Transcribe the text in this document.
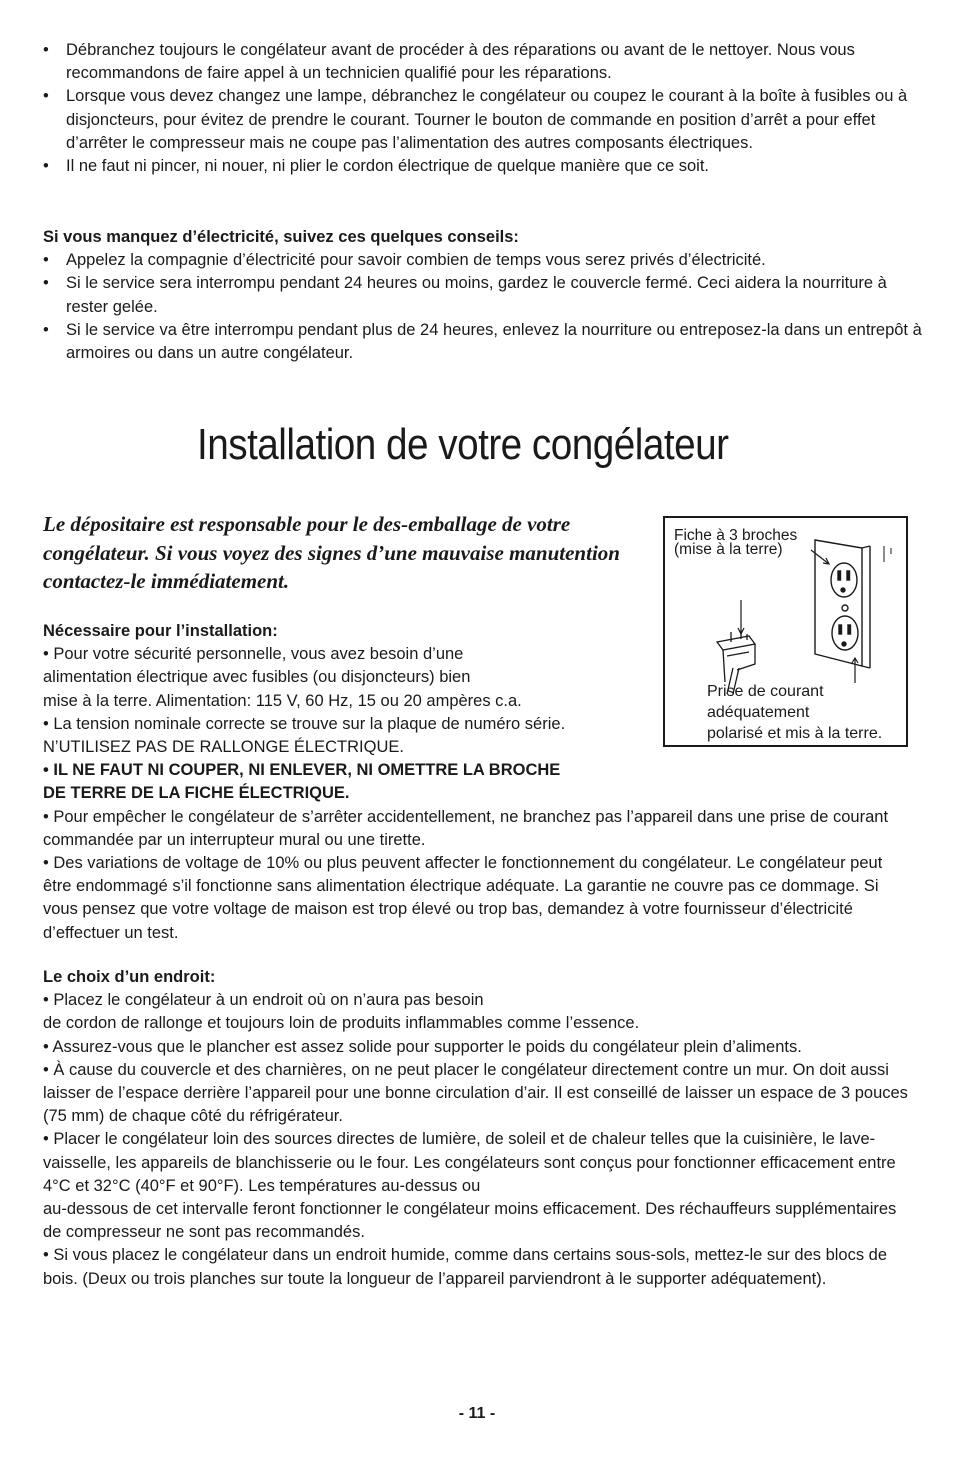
• Débranchez toujours le congélateur avant de procéder à des réparations ou avant de le nettoyer. Nous vous recommandons de faire appel à un technicien qualifié pour les réparations.
• Lorsque vous devez changez une lampe, débranchez le congélateur ou coupez le courant à la boîte à fusibles ou à disjoncteurs, pour évitez de prendre le courant. Tourner le bouton de commande en position d’arrêt a pour effet d’arrêter le compresseur mais ne coupe pas l’alimentation des autres composants électriques.
• Il ne faut ni pincer, ni nouer, ni plier le cordon électrique de quelque manière que ce soit.
Si vous manquez d’électricité, suivez ces quelques conseils:
• Appelez la compagnie d’électricité pour savoir combien de temps vous serez privés d’électricité.
• Si le service sera interrompu pendant 24 heures ou moins, gardez le couvercle fermé. Ceci aidera la nourriture à rester gelée.
• Si le service va être interrompu pendant plus de 24 heures, enlevez la nourriture ou entreposez-la dans un entrepôt à armoires ou dans un autre congélateur.
Installation de votre congélateur
Le dépositaire est responsable pour le des-emballage de votre congélateur. Si vous voyez des signes d’une mauvaise manutention contactez-le immédiatement.
Nécessaire pour l’installation:
• Pour votre sécurité personnelle, vous avez besoin d’une
alimentation électrique avec fusibles (ou disjoncteurs) bien
mise à la terre. Alimentation: 115 V, 60 Hz, 15 ou 20 ampères c.a.
• La tension nominale correcte se trouve sur la plaque de numéro série.
N’UTILISEZ PAS DE RALLONGE ÉLECTRIQUE.
• IL NE FAUT NI COUPER, NI ENLEVER, NI OMETTRE LA BROCHE
DE TERRE DE LA FICHE ÉLECTRIQUE.

• Pour empêcher le congélateur de s’arrêter accidentellement, ne branchez pas l’appareil dans une prise de courant commandée par un interrupteur mural ou une tirette.

• Des variations de voltage de 10% ou plus peuvent affecter le fonctionnement du congélateur. Le congélateur peut être endommagé s’il fonctionne sans alimentation électrique adéquate. La garantie ne couvre pas ce dommage. Si vous pensez que votre voltage de maison est trop élevé ou trop bas, demandez à votre fournisseur d’électricité d’effectuer un test.

Fiche à 3 broches
(mise à la terre)
Prise de courant
adéquatement
polarisé et mis à la terre.
Le choix d’un endroit:

• Placez le congélateur à un endroit où on n’aura pas besoin

de cordon de rallonge et toujours loin de produits inflammables comme l’essence.

• Assurez-vous que le plancher est assez solide pour supporter le poids du congélateur plein d’aliments.

• À cause du couvercle et des charnières, on ne peut placer le congélateur directement contre un mur. On doit aussi laisser de l’espace derrière l’appareil pour une bonne circulation d’air. Il est conseillé de laisser un espace de 3 pouces (75 mm) de chaque côté du réfrigérateur.

• Placer le congélateur loin des sources directes de lumière, de soleil et de chaleur telles que la cuisinière, le lave-vaisselle, les appareils de blanchisserie ou le four. Les congélateurs sont conçus pour fonctionner efficacement entre 4°C et 32°C (40°F et 90°F). Les températures au-dessus ou

au-dessous de cet intervalle feront fonctionner le congélateur moins efficacement. Des réchauffeurs supplémentaires de compresseur ne sont pas recommandés.

• Si vous placez le congélateur dans un endroit humide, comme dans certains sous-sols, mettez-le sur des blocs de bois. (Deux ou trois planches sur toute la longueur de l’appareil parviendront à le supporter adéquatement).

- 11 -
